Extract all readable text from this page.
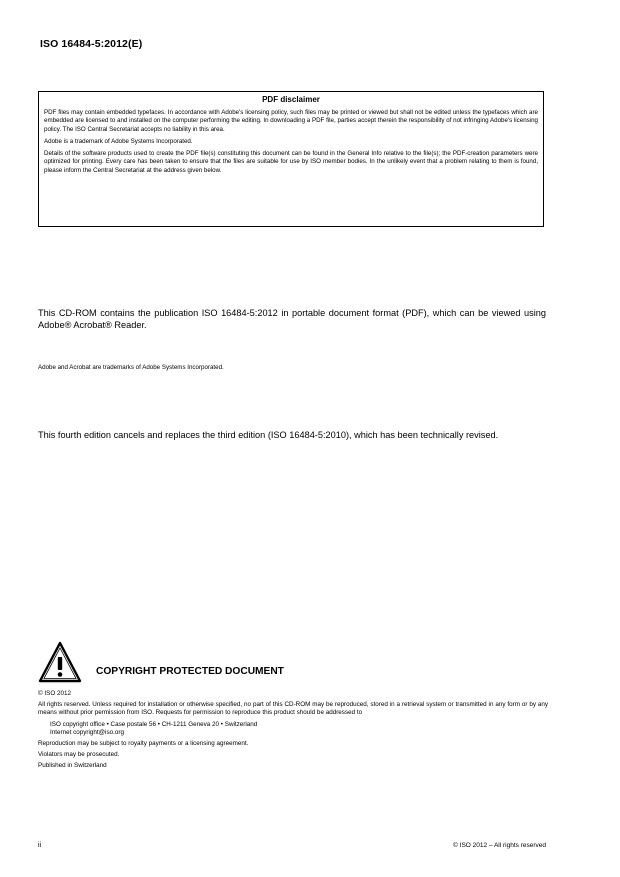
ISO 16484-5:2012(E)
PDF disclaimer

PDF files may contain embedded typefaces. In accordance with Adobe's licensing policy, such files may be printed or viewed but shall not be edited unless the typefaces which are embedded are licensed to and installed on the computer performing the editing. In downloading a PDF file, parties accept therein the responsibility of not infringing Adobe's licensing policy. The ISO Central Secretariat accepts no liability in this area.

Adobe is a trademark of Adobe Systems Incorporated.

Details of the software products used to create the PDF file(s) constituting this document can be found in the General Info relative to the file(s); the PDF-creation parameters were optimized for printing. Every care has been taken to ensure that the files are suitable for use by ISO member bodies. In the unlikely event that a problem relating to them is found, please inform the Central Secretariat at the address given below.

This CD-ROM contains the publication ISO 16484-5:2012 in portable document format (PDF), which can be viewed using Adobe® Acrobat® Reader.

Adobe and Acrobat are trademarks of Adobe Systems Incorporated.

This fourth edition cancels and replaces the third edition (ISO 16484-5:2010), which has been technically revised.

COPYRIGHT PROTECTED DOCUMENT

© ISO 2012

All rights reserved. Unless required for installation or otherwise specified, no part of this CD-ROM may be reproduced, stored in a retrieval system or transmitted in any form or by any means without prior permission from ISO. Requests for permission to reproduce this product should be addressed to

ISO copyright office • Case postale 56 • CH-1211 Geneva 20 • Switzerland

Internet copyright@iso.org

Reproduction may be subject to royalty payments or a licensing agreement.

Violators may be prosecuted.

Published in Switzerland

ii	© ISO 2012 – All rights reserved
